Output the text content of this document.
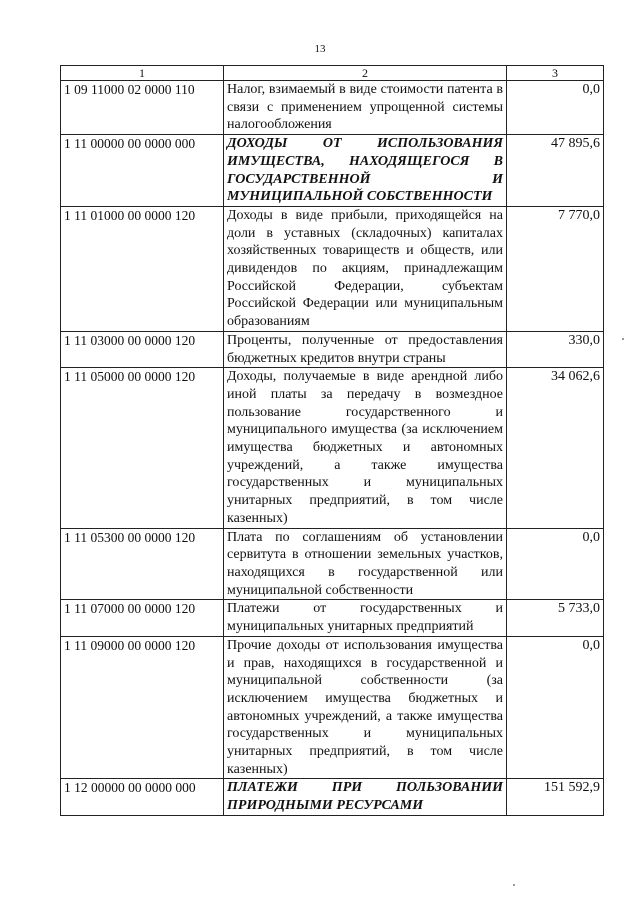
13
1	2	3
1 09 11000 02 0000 110	Налог, взимаемый в виде стоимости патента в связи с применением упрощенной системы налогообложения	0,0
1 11 00000 00 0000 000	ДОХОДЫ ОТ ИСПОЛЬЗОВАНИЯ ИМУЩЕСТВА, НАХОДЯЩЕГОСЯ В ГОСУДАРСТВЕННОЙ И МУНИЦИПАЛЬНОЙ СОБСТВЕННОСТИ	47 895,6
1 11 01000 00 0000 120	Доходы в виде прибыли, приходящейся на доли в уставных (складочных) капиталах хозяйственных товариществ и обществ, или дивидендов по акциям, принадлежащим Российской Федерации, субъектам Российской Федерации или муниципальным образованиям	7 770,0
1 11 03000 00 0000 120	Проценты, полученные от предоставления бюджетных кредитов внутри страны	330,0
1 11 05000 00 0000 120	Доходы, получаемые в виде арендной либо иной платы за передачу в возмездное пользование государственного и муниципального имущества (за исключением имущества бюджетных и автономных учреждений, а также имущества государственных и муниципальных унитарных предприятий, в том числе казенных)	34 062,6
1 11 05300 00 0000 120	Плата по соглашениям об установлении сервитута в отношении земельных участков, находящихся в государственной или муниципальной собственности	0,0
1 11 07000 00 0000 120	Платежи от государственных и муниципальных унитарных предприятий	5 733,0
1 11 09000 00 0000 120	Прочие доходы от использования имущества и прав, находящихся в государственной и муниципальной собственности (за исключением имущества бюджетных и автономных учреждений, а также имущества государственных и муниципальных унитарных предприятий, в том числе казенных)	0,0
1 12 00000 00 0000 000	ПЛАТЕЖИ ПРИ ПОЛЬЗОВАНИИ ПРИРОДНЫМИ РЕСУРСАМИ	151 592,9
